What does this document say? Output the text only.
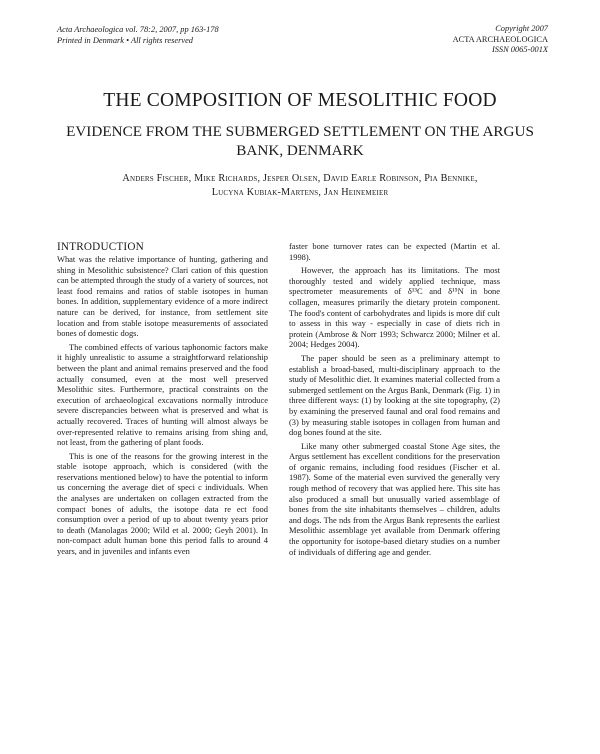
Acta Archaeologica vol. 78:2, 2007, pp 163-178
Printed in Denmark • All rights reserved
Copyright 2007
ACTA ARCHAEOLOGICA
ISSN 0065-001X
THE COMPOSITION OF MESOLITHIC FOOD
EVIDENCE FROM THE SUBMERGED SETTLEMENT ON THE ARGUS BANK, DENMARK
Anders Fischer, Mike Richards, Jesper Olsen, David Earle Robinson, Pia Bennike,
Lucyna Kubiak-Martens, Jan Heinemeier
INTRODUCTION

What was the relative importance of hunting, gathering and shing in Mesolithic subsistence? Clari cation of this question can be attempted through the study of a variety of sources, not least food remains and ratios of stable isotopes in human bones. In addition, supplementary evidence of a more indirect nature can be derived, for instance, from settlement site location and from stable isotope measurements of associated bones of domestic dogs.

The combined effects of various taphonomic factors make it highly unrealistic to assume a straightforward relationship between the plant and animal remains preserved and the food actually consumed, even at the most well preserved Mesolithic sites. Furthermore, practical constraints on the execution of archaeological excavations normally introduce severe discrepancies between what is preserved and what is actually recovered. Traces of hunting will almost always be over-represented relative to remains arising from shing and, not least, from the gathering of plant foods.

This is one of the reasons for the growing interest in the stable isotope approach, which is considered (with the reservations mentioned below) to have the potential to inform us concerning the average diet of speci c individuals. When the analyses are undertaken on collagen extracted from the compact bones of adults, the isotope data re ect food consumption over a period of up to about twenty years prior to death (Manolagas 2000; Wild et al. 2000; Geyh 2001). In non-compact adult human bone this period falls to around 4 years, and in juveniles and infants even

faster bone turnover rates can be expected (Martin et al. 1998).

However, the approach has its limitations. The most thoroughly tested and widely applied technique, mass spectrometer measurements of δ¹³C and δ¹⁵N in bone collagen, measures primarily the dietary protein component. The food's content of carbohydrates and lipids is more dif cult to assess in this way - especially in case of diets rich in protein (Ambrose & Norr 1993; Schwarcz 2000; Milner et al. 2004; Hedges 2004).

The paper should be seen as a preliminary attempt to establish a broad-based, multi-disciplinary approach to the study of Mesolithic diet. It examines material collected from a submerged settlement on the Argus Bank, Denmark (Fig. 1) in three different ways: (1) by looking at the site topography, (2) by examining the preserved faunal and oral food remains and (3) by measuring stable isotopes in collagen from human and dog bones found at the site.

Like many other submerged coastal Stone Age sites, the Argus settlement has excellent conditions for the preservation of organic remains, including food residues (Fischer et al. 1987). Some of the material even survived the generally very rough method of recovery that was applied here. This site has also produced a small but unusually varied assemblage of bones from the site inhabitants themselves – children, adults and dogs. The nds from the Argus Bank represents the earliest Mesolithic assemblage yet available from Denmark offering the opportunity for isotope-based dietary studies on a number of individuals of differing age and gender.
